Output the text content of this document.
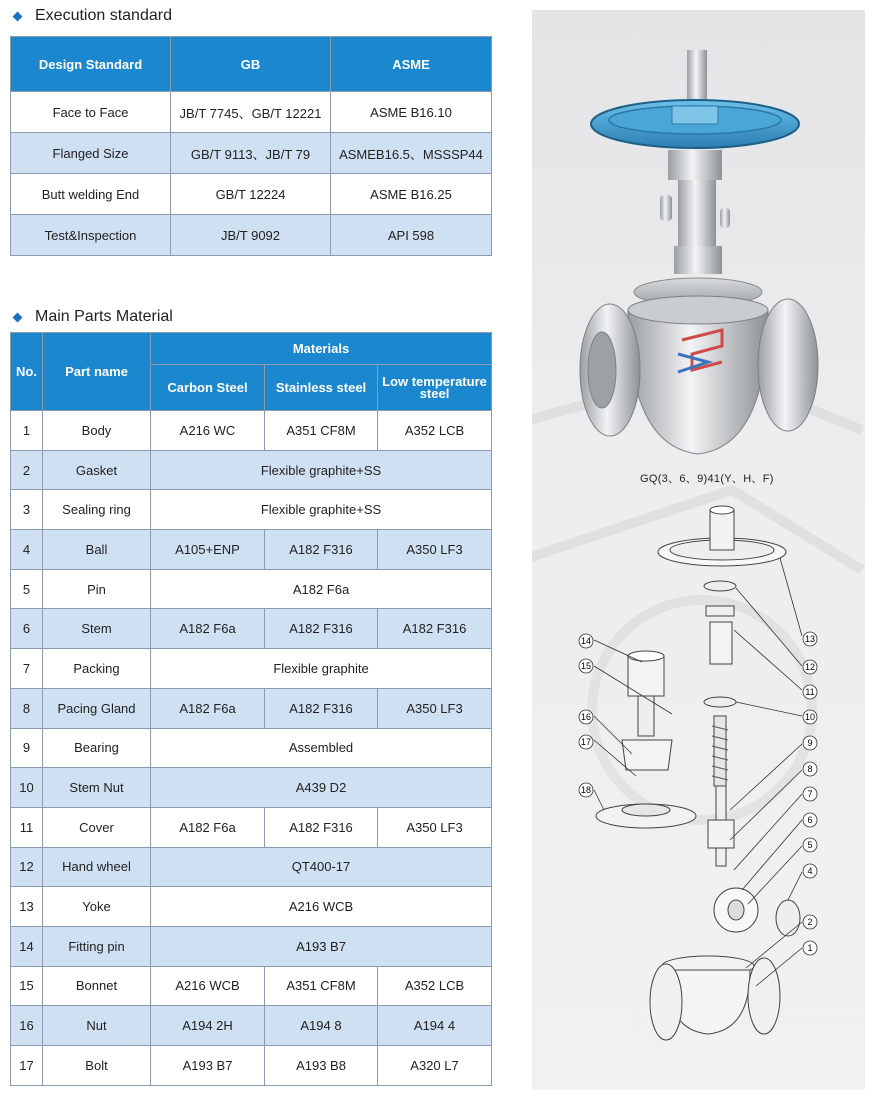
Execution standard
Design Standard	GB	ASME
Face to Face	JB/T 7745、GB/T 12221	ASME B16.10
Flanged Size	GB/T 9113、JB/T 79	ASMEB16.5、MSSSP44
Butt welding End	GB/T 12224	ASME B16.25
Test&Inspection	JB/T 9092	API 598
Main Parts Material
No.	Part name	Materials		
		Carbon Steel	Stainless steel	Low temperature steel
1	Body	A216 WC	A351 CF8M	A352 LCB
2	Gasket	Flexible graphite+SS		
3	Sealing ring	Flexible graphite+SS		
4	Ball	A105+ENP	A182 F316	A350 LF3
5	Pin	A182 F6a		
6	Stem	A182 F6a	A182 F316	A182 F316
7	Packing	Flexible graphite		
8	Pacing Gland	A182 F6a	A182 F316	A350 LF3
9	Bearing	Assembled		
10	Stem Nut	A439 D2		
11	Cover	A182 F6a	A182 F316	A350 LF3
12	Hand wheel	QT400-17		
13	Yoke	A216 WCB		
14	Fitting pin	A193 B7		
15	Bonnet	A216 WCB	A351 CF8M	A352 LCB
16	Nut	A194 2H	A194 8	A194 4
17	Bolt	A193 B7	A193 B8	A320 L7
13
12
11
10
9
8
7
6
5
4
2
1
14
15
16
17
18
GQ(3、6、9)41(Y、H、F)
